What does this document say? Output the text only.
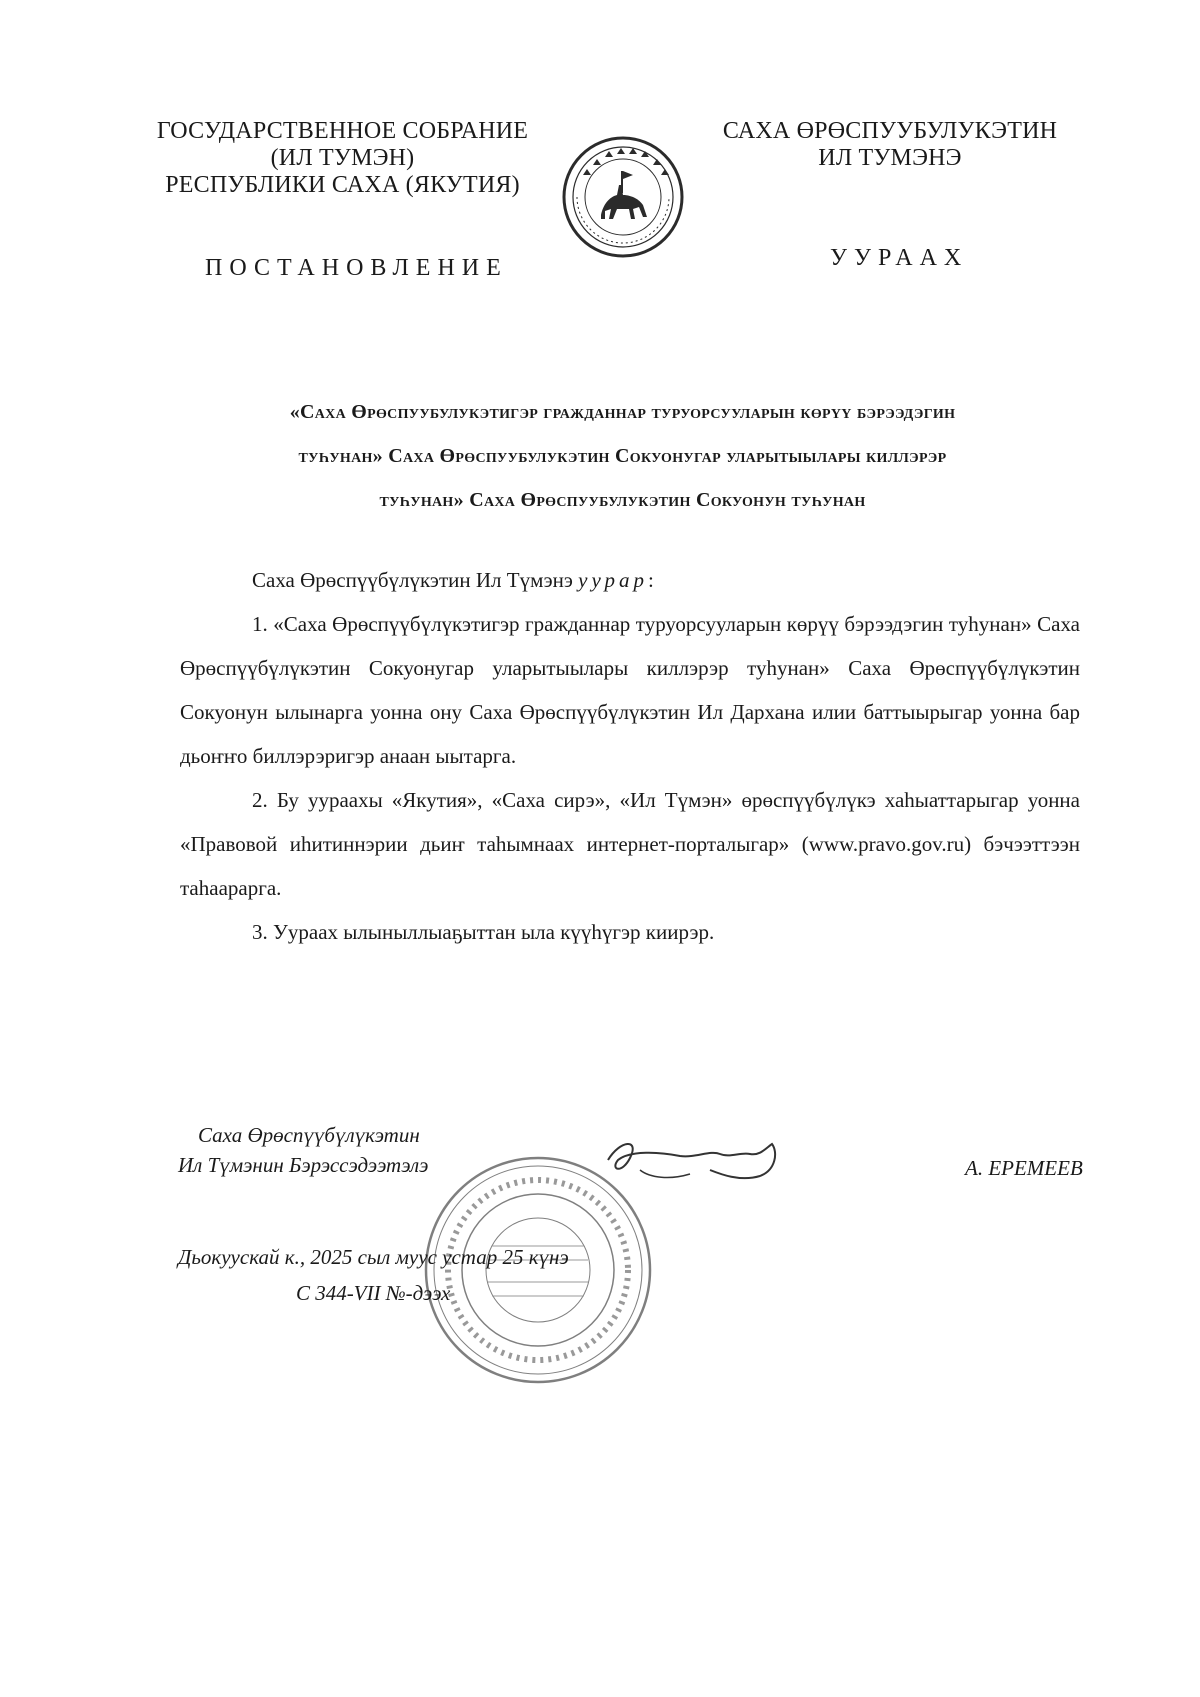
ГОСУДАРСТВЕННОЕ СОБРАНИЕ
(ИЛ ТУМЭН)
РЕСПУБЛИКИ САХА (ЯКУТИЯ)
САХА ӨРӨСПУУБУЛУКЭТИН
ИЛ ТУМЭНЭ
ПОСТАНОВЛЕНИЕ	УУРААХ
«Саха Өрөспуубулукэтигэр гражданнар туруорсууларын көрүү бэрээдэгин
туһунан» Саха Өрөспуубулукэтин Сокуонугар уларытыылары киллэрэр
туһунан» Саха Өрөспуубулукэтин Сокуонун туһунан

Саха Өрөспүүбүлүкэтин Ил Түмэнэ уурар:

1. «Саха Өрөспүүбүлүкэтигэр гражданнар туруорсууларын көрүү бэрээдэгин туһунан» Саха Өрөспүүбүлүкэтин Сокуонугар уларытыылары киллэрэр туһунан» Саха Өрөспүүбүлүкэтин Сокуонун ылынарга уонна ону Саха Өрөспүүбүлүкэтин Ил Дархана илии баттыырыгар уонна бар дьоҥҥо биллэрэригэр анаан ыытарга.

2. Бу уураахы «Якутия», «Саха сирэ», «Ил Түмэн» өрөспүүбүлүкэ хаһыаттарыгар уонна «Правовой иһитиннэрии дьиҥ таһымнаах интернет-порталыгар» (www.pravo.gov.ru) бэчээттээн таһаарарга.

3. Уураах ылыныллыаҕыттан ыла күүһүгэр киирэр.

Саха Өрөспүүбүлүкэтин
Ил Түмэнин Бэрэссэдээтэлэ	А. ЕРЕМЕЕВ
Дьокуускай к., 2025 сыл муус устар 25 күнэ
С 344-VII №-дээх
